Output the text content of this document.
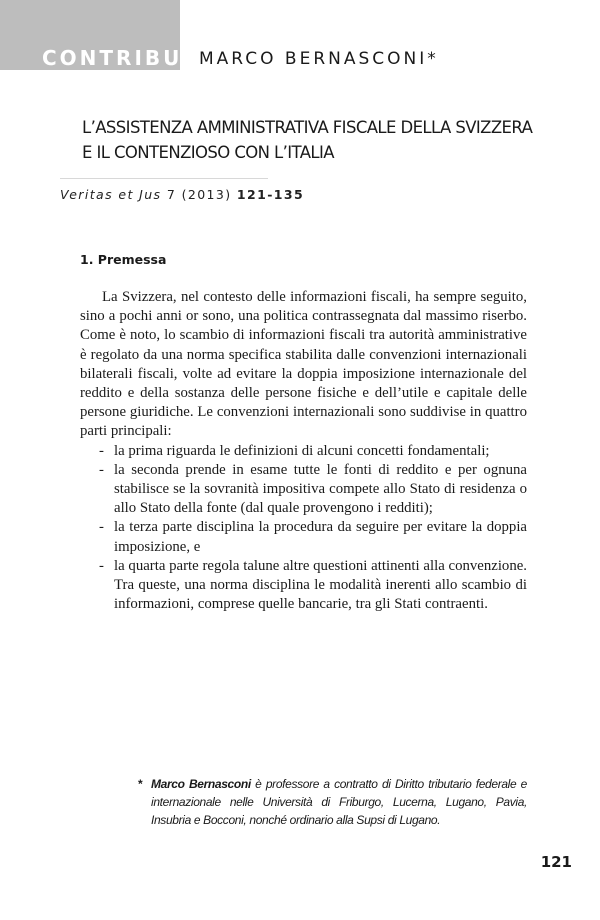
CONTRIBUTI
MARCO BERNASCONI*
L’ASSISTENZA AMMINISTRATIVA FISCALE DELLA SVIZZERA
E IL CONTENZIOSO CON L’ITALIA
Veritas et Jus 7 (2013) 121-135
1. Premessa

La Svizzera, nel contesto delle informazioni fiscali, ha sempre seguito, sino a pochi anni or sono, una politica contrassegnata dal massimo riserbo. Come è noto, lo scambio di informazioni fiscali tra autorità amministrative è regolato da una norma specifica stabilita dalle convenzioni internazionali bilaterali fiscali, volte ad evitare la doppia imposizione internazionale del reddito e della sostanza delle persone fisiche e dell’utile e capitale delle persone giuridiche. Le convenzioni internazionali sono suddivise in quattro parti principali:

- la prima riguarda le definizioni di alcuni concetti fondamentali;
- la seconda prende in esame tutte le fonti di reddito e per ognuna stabilisce se la sovranità impositiva compete allo Stato di residenza o allo Stato della fonte (dal quale provengono i redditi);
- la terza parte disciplina la procedura da seguire per evitare la doppia imposizione, e
- la quarta parte regola talune altre questioni attinenti alla convenzione. Tra queste, una norma disciplina le modalità inerenti allo scambio di informazioni, comprese quelle bancarie, tra gli Stati contraenti.
* Marco Bernasconi è professore a contratto di Diritto tributario federale e internazionale nelle Università di Friburgo, Lucerna, Lugano, Pavia, Insubria e Bocconi, nonché ordinario alla Supsi di Lugano.
121
